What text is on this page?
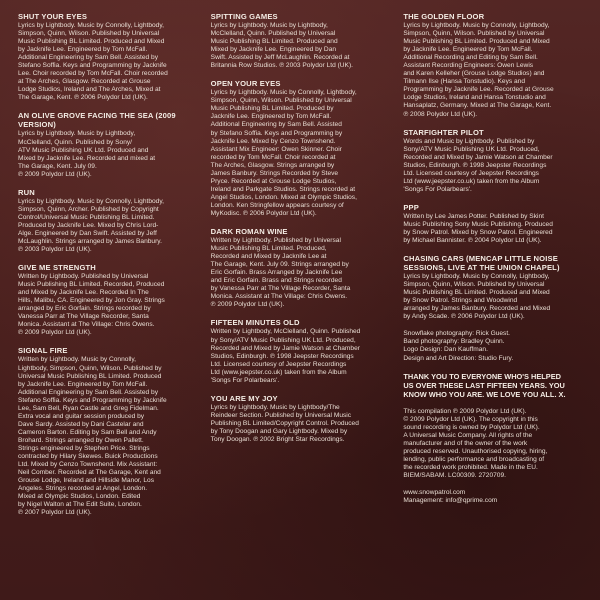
SHUT YOUR EYES
Lyrics by Lightbody. Music by Connolly, Lightbody,
Simpson, Quinn, Wilson. Published by Universal
Music Publishing BL Limited. Produced and Mixed
by Jacknife Lee. Engineered by Tom McFall.
Additional Engineering by Sam Bell. Assisted by
Stefano Soffia. Keys and Programming by Jacknife
Lee. Choir recorded by Tom McFall. Choir recorded
at The Arches, Glasgow. Recorded at Grouse
Lodge Studios, Ireland and The Arches, Mixed at
The Garage, Kent. ℗ 2006 Polydor Ltd (UK).
AN OLIVE GROVE FACING THE SEA (2009 VERSION)
Lyrics by Lightbody. Music by Lightbody,
McClelland, Quinn. Published by Sony/
ATV Music Publishing UK Ltd. Produced and
Mixed by Jacknife Lee. Recorded and mixed at
The Garage, Kent. July 09.
℗ 2009 Polydor Ltd (UK).
RUN
Lyrics by Lightbody. Music by Connolly, Lightbody,
Simpson, Quinn, Archer. Published by Copyright
Control/Universal Music Publishing BL Limited.
Produced by Jacknife Lee. Mixed by Chris Lord-
Alge. Engineered by Dan Swift. Assisted by Jeff
McLaughlin. Strings arranged by James Banbury.
℗ 2003 Polydor Ltd (UK).
GIVE ME STRENGTH
Written by Lightbody. Published by Universal
Music Publishing BL Limited. Recorded, Produced
and Mixed by Jacknife Lee. Recorded In The
Hills, Malibu, CA. Engineered by Jon Gray. Strings
arranged by Eric Gorfain. Strings recorded by
Vanessa Parr at The Village Recorder, Santa
Monica. Assistant at The Village: Chris Owens.
℗ 2009 Polydor Ltd (UK).
SIGNAL FIRE
Written by Lightbody. Music by Connolly,
Lightbody, Simpson, Quinn, Wilson. Published by
Universal Music Publishing BL Limited. Produced
by Jacknife Lee. Engineered by Tom McFall.
Additional Engineering by Sam Bell. Assisted by
Stefano Soffia. Keys and Programming by Jacknife
Lee, Sam Bell, Ryan Castle and Greg Fidelman.
Extra vocal and guitar session produced by
Dave Sardy. Assisted by Dani Castelar and
Cameron Barton. Editing by Sam Bell and Andy
Brohard. Strings arranged by Owen Pallett.
Strings engineered by Stephen Price. Strings
contracted by Hilary Skewes. Buick Productions
Ltd. Mixed by Cenzo Townshend. Mix Assistant:
Neil Comber. Recorded at The Garage, Kent and
Grouse Lodge, Ireland and Hillside Manor, Los
Angeles. Strings recorded at Angel, London.
Mixed at Olympic Studios, London. Edited
by Nigel Walton at The Edit Suite, London.
℗ 2007 Polydor Ltd (UK).
SPITTING GAMES
Lyrics by Lightbody. Music by Lightbody,
McClelland, Quinn. Published by Universal
Music Publishing BL Limited. Produced and
Mixed by Jacknife Lee. Engineered by Dan
Swift. Assisted by Jeff McLaughlin. Recorded at
Britannia Row Studios. ℗ 2003 Polydor Ltd (UK).
OPEN YOUR EYES
Lyrics by Lightbody. Music by Connolly, Lightbody,
Simpson, Quinn, Wilson. Published by Universal
Music Publishing BL Limited. Produced by
Jacknife Lee. Engineered by Tom McFall.
Additional Engineering by Sam Bell. Assisted
by Stefano Soffia. Keys and Programming by
Jacknife Lee. Mixed by Cenzo Townshend.
Assistant Mix Engineer: Owen Skinner. Choir
recorded by Tom McFall. Choir recorded at
The Arches, Glasgow. Strings arranged by
James Banbury. Strings Recorded by Steve
Pryce. Recorded at Grouse Lodge Studios,
Ireland and Parkgate Studios. Strings recorded at
Angel Studios, London. Mixed at Olympic Studios,
London. Ken Stringfellow appears courtesy of
MyKodisc. ℗ 2006 Polydor Ltd (UK).
DARK ROMAN WINE
Written by Lightbody. Published by Universal
Music Publishing BL Limited. Produced,
Recorded and Mixed by Jacknife Lee at
The Garage, Kent. July 09. Strings arranged by
Eric Gorfain. Brass Arranged by Jacknife Lee
and Eric Gorfain. Brass and Strings recorded
by Vanessa Parr at The Village Recorder, Santa
Monica. Assistant at The Village: Chris Owens.
℗ 2009 Polydor Ltd (UK).
FIFTEEN MINUTES OLD
Written by Lightbody, McClelland, Quinn. Published
by Sony/ATV Music Publishing UK Ltd. Produced,
Recorded and Mixed by Jamie Watson at Chamber
Studios, Edinburgh. ℗ 1998 Jeepster Recordings
Ltd. Licensed courtesy of Jeepster Recordings
Ltd (www.jeepster.co.uk) taken from the Album
'Songs For Polarbears'.
YOU ARE MY JOY
Lyrics by Lightbody. Music by Lightbody/The
Reindeer Section. Published by Universal Music
Publishing BL Limited/Copyright Control. Produced
by Tony Doogan and Gary Lightbody. Mixed by
Tony Doogan. ℗ 2002 Bright Star Recordings.
THE GOLDEN FLOOR
Lyrics by Lightbody. Music by Connolly, Lightbody,
Simpson, Quinn, Wilson. Published by Universal
Music Publishing BL Limited. Produced and Mixed
by Jacknife Lee. Engineered by Tom McFall.
Additional Recording and Editing by Sam Bell.
Assistant Recording Engineers: Owen Lewis
and Karen Kelleher (Grouse Lodge Studios) and
Tilmann Ilse (Hansa Tonstudio). Keys and
Programming by Jacknife Lee. Recorded at Grouse
Lodge Studios, Ireland and Hansa Tonstudio and
Hansaplatz, Germany. Mixed at The Garage, Kent.
℗ 2008 Polydor Ltd (UK).
STARFIGHTER PILOT
Words and Music by Lightbody. Published by
Sony/ATV Music Publishing UK Ltd. Produced,
Recorded and Mixed by Jamie Watson at Chamber
Studios, Edinburgh. ℗ 1998 Jeepster Recordings
Ltd. Licensed courtesy of Jeepster Recordings
Ltd (www.jeepster.co.uk) taken from the Album
'Songs For Polarbears'.
PPP
Written by Lee James Potter. Published by Skint
Music Publishing Sony Music Publishing. Produced
by Snow Patrol. Mixed by Snow Patrol. Engineered
by Michael Bannister. ℗ 2004 Polydor Ltd (UK).
CHASING CARS (MENCAP LITTLE NOISE SESSIONS, LIVE AT THE UNION CHAPEL)
Lyrics by Lightbody. Music by Connolly, Lightbody,
Simpson, Quinn, Wilson. Published by Universal
Music Publishing BL Limited. Produced and Mixed
by Snow Patrol. Strings and Woodwind
arranged by James Banbury. Recorded and Mixed
by Andy Scade. ℗ 2006 Polydor Ltd (UK).
Snowflake photography: Rick Guest.
Band photography: Bradley Quinn.
Logo Design: Dan Kauffman.
Design and Art Direction: Studio Fury.
THANK YOU TO EVERYONE WHO'S HELPED
US OVER THESE LAST FIFTEEN YEARS. YOU
KNOW WHO YOU ARE. WE LOVE YOU ALL. X.
This compilation ℗ 2009 Polydor Ltd (UK).
© 2009 Polydor Ltd (UK). The copyright in this
sound recording is owned by Polydor Ltd (UK).
A Universal Music Company. All rights of the
manufacturer and of the owner of the work
produced reserved. Unauthorised copying, hiring,
lending, public performance and broadcasting of
the recorded work prohibited. Made in the EU.
BIEM/SABAM. LC00309. 2720709.
www.snowpatrol.com
Management: info@qprime.com
